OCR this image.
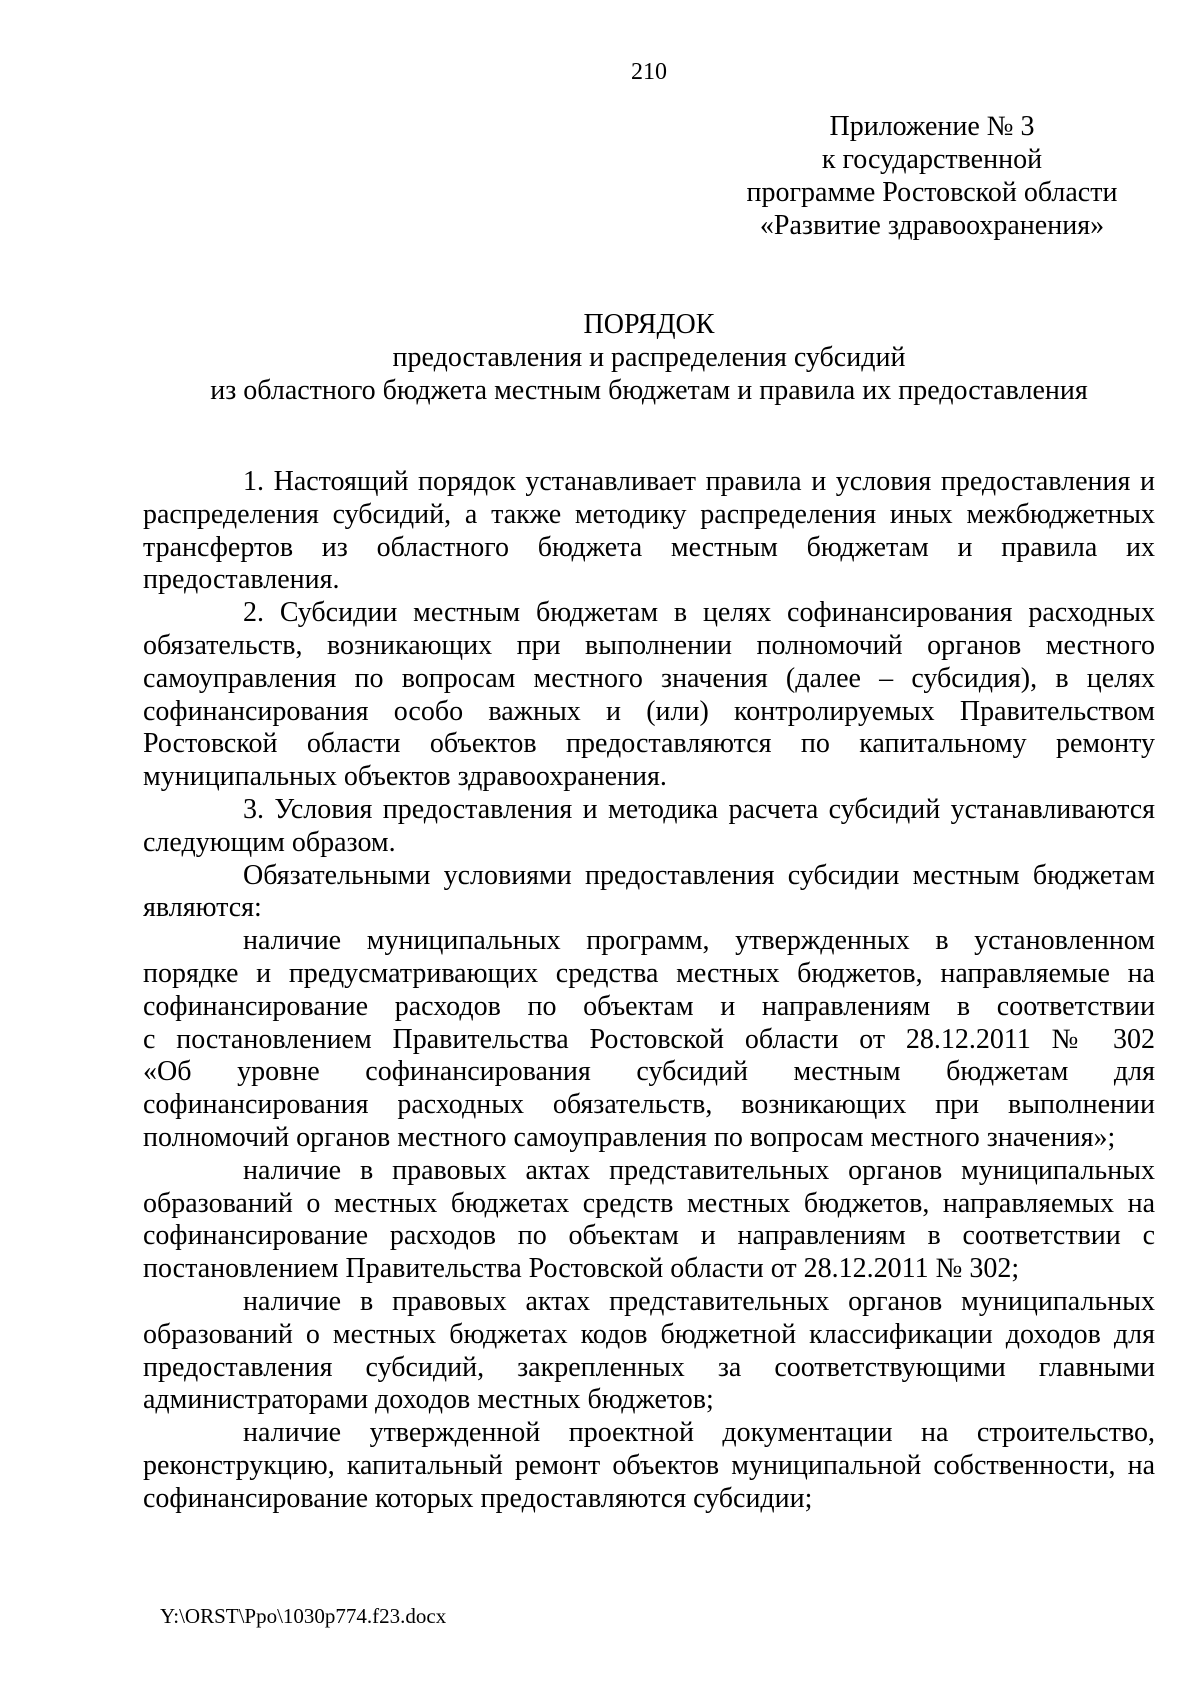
210
Приложение № 3
к государственной
программе Ростовской области
«Развитие здравоохранения»
ПОРЯДОК
предоставления и распределения субсидий
из областного бюджета местным бюджетам и правила их предоставления

1. Настоящий порядок устанавливает правила и условия предоставления и распределения субсидий, а также методику распределения иных межбюджетных трансфертов из областного бюджета местным бюджетам и правила их предоставления.

2. Субсидии местным бюджетам в целях софинансирования расходных обязательств, возникающих при выполнении полномочий органов местного самоуправления по вопросам местного значения (далее – субсидия), в целях софинансирования особо важных и (или) контролируемых Правительством Ростовской области объектов предоставляются по капитальному ремонту муниципальных объектов здравоохранения.

3. Условия предоставления и методика расчета субсидий устанавливаются следующим образом.

Обязательными условиями предоставления субсидии местным бюджетам являются:

наличие муниципальных программ, утвержденных в установленном порядке и предусматривающих средства местных бюджетов, направляемые на софинансирование расходов по объектам и направлениям в соответствии с постановлением Правительства Ростовской области от 28.12.2011 № 302 «Об уровне софинансирования субсидий местным бюджетам для софинансирования расходных обязательств, возникающих при выполнении полномочий органов местного самоуправления по вопросам местного значения»;

наличие в правовых актах представительных органов муниципальных образований о местных бюджетах средств местных бюджетов, направляемых на софинансирование расходов по объектам и направлениям в соответствии с постановлением Правительства Ростовской области от 28.12.2011 № 302;

наличие в правовых актах представительных органов муниципальных образований о местных бюджетах кодов бюджетной классификации доходов для предоставления субсидий, закрепленных за соответствующими главными администраторами доходов местных бюджетов;

наличие утвержденной проектной документации на строительство, реконструкцию, капитальный ремонт объектов муниципальной собственности, на софинансирование которых предоставляются субсидии;

Y:\ORST\Ppo\1030p774.f23.docx
